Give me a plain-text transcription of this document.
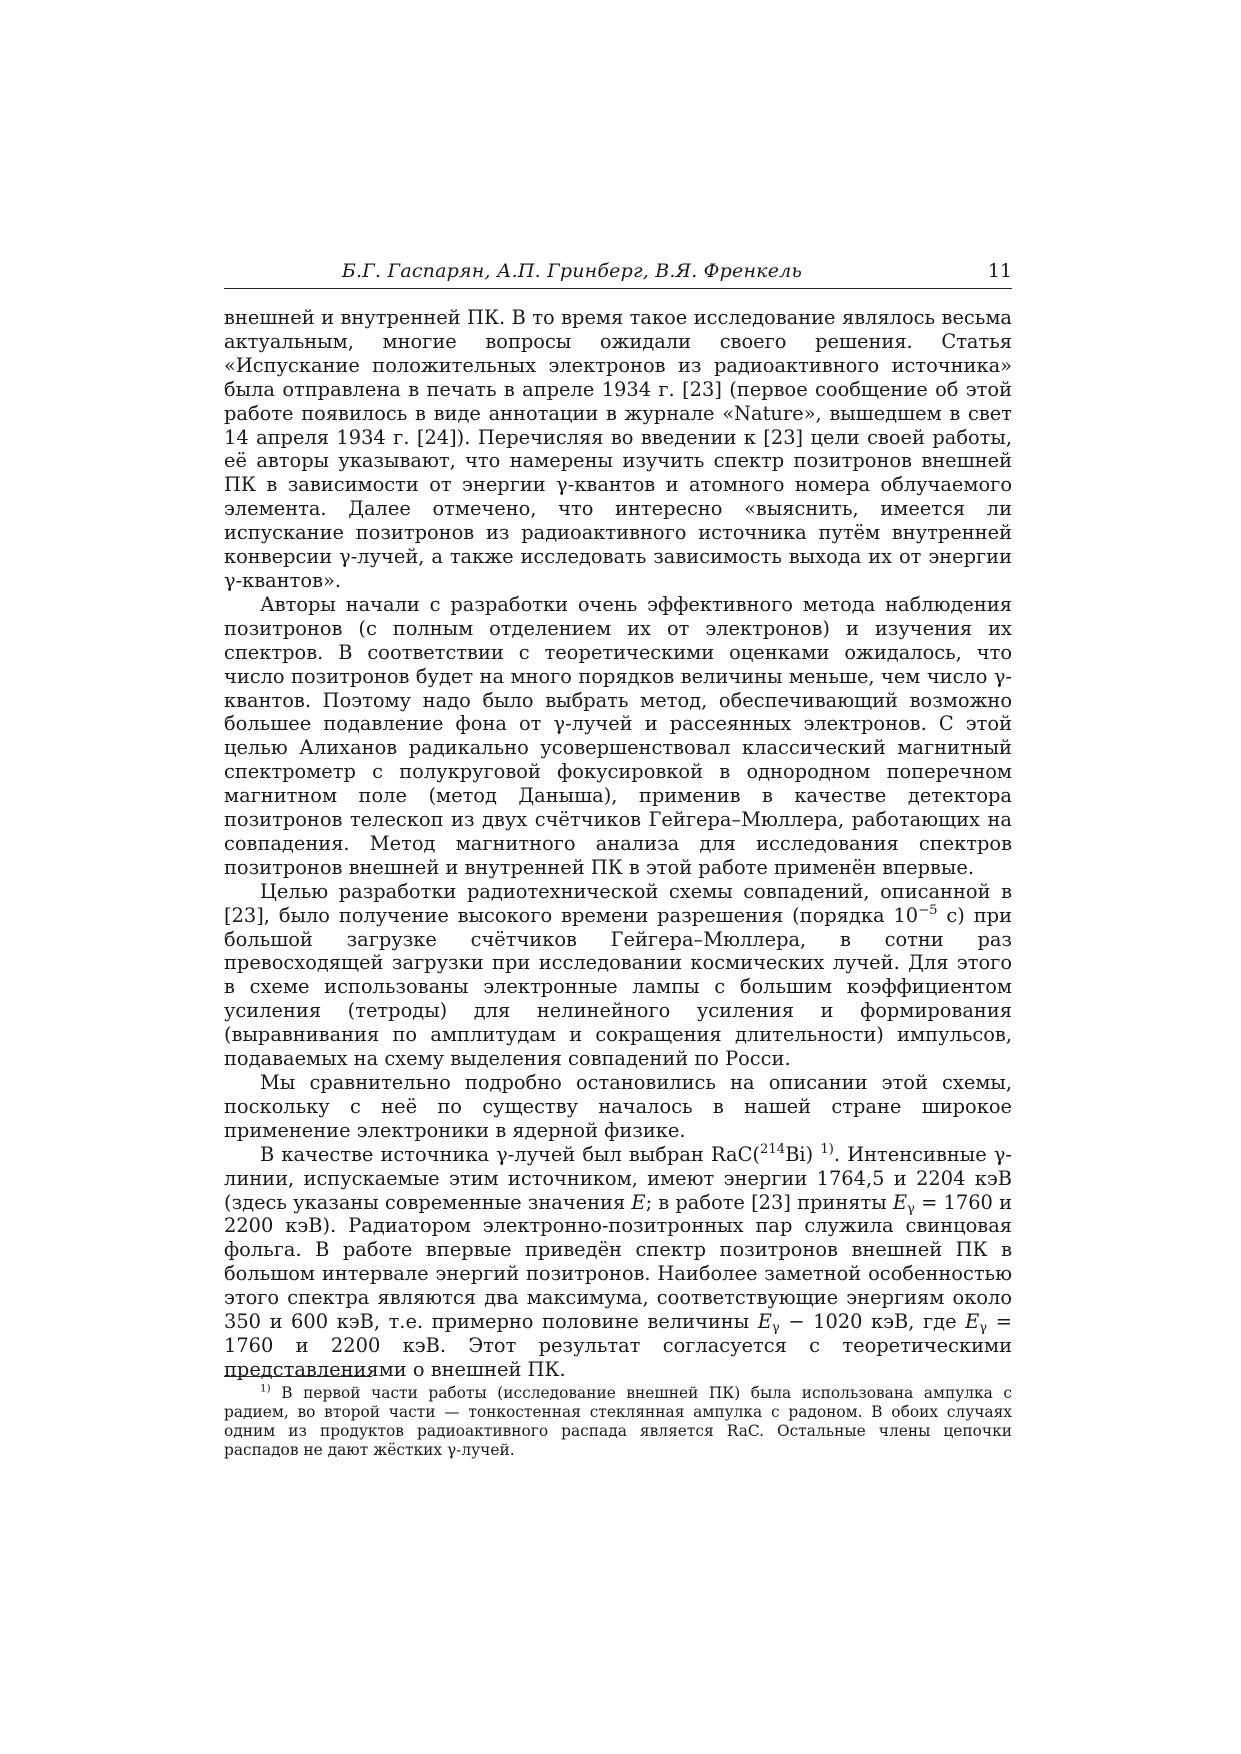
Б.Г. Гаспарян, А.П. Гринберг, В.Я. Френкель	11

внешней и внутренней ПК. В то время такое исследование являлось весьма актуальным, многие вопросы ожидали своего решения. Статья «Испускание положительных электронов из радиоактивного источника» была отправлена в печать в апреле 1934 г. [23] (первое сообщение об этой работе появилось в виде аннотации в журнале «Nature», вышедшем в свет 14 апреля 1934 г. [24]). Перечисляя во введении к [23] цели своей работы, её авторы указывают, что намерены изучить спектр позитронов внешней ПК в зависимости от энергии γ-квантов и атомного номера облучаемого элемента. Далее отмечено, что интересно «выяснить, имеется ли испускание позитронов из радиоактивного источника путём внутренней конверсии γ-лучей, а также исследовать зависимость выхода их от энергии γ-квантов».

Авторы начали с разработки очень эффективного метода наблюдения позитронов (с полным отделением их от электронов) и изучения их спектров. В соответствии с теоретическими оценками ожидалось, что число позитронов будет на много порядков величины меньше, чем число γ-квантов. Поэтому надо было выбрать метод, обеспечивающий возможно большее подавление фона от γ-лучей и рассеянных электронов. С этой целью Алиханов радикально усовершенствовал классический магнитный спектрометр с полукруговой фокусировкой в однородном поперечном магнитном поле (метод Даныша), применив в качестве детектора позитронов телескоп из двух счётчиков Гейгера–Мюллера, работающих на совпадения. Метод магнитного анализа для исследования спектров позитронов внешней и внутренней ПК в этой работе применён впервые.

Целью разработки радиотехнической схемы совпадений, описанной в [23], было получение высокого времени разрешения (порядка $10^{-5}$ с) при большой загрузке счётчиков Гейгера–Мюллера, в сотни раз превосходящей загрузки при исследовании космических лучей. Для этого в схеме использованы электронные лампы с большим коэффициентом усиления (тетроды) для нелинейного усиления и формирования (выравнивания по амплитудам и сокращения длительности) импульсов, подаваемых на схему выделения совпадений по Росси.

Мы сравнительно подробно остановились на описании этой схемы, поскольку с неё по существу началось в нашей стране широкое применение электроники в ядерной физике.

В качестве источника γ-лучей был выбран RaC($^{214}$Bi) $^{1)}$. Интенсивные γ-линии, испускаемые этим источником, имеют энергии 1764,5 и 2204 кэВ (здесь указаны современные значения E; в работе [23] приняты $E_\gamma = 1760$ и 2200 кэВ). Радиатором электронно-позитронных пар служила свинцовая фольга. В работе впервые приведён спектр позитронов внешней ПК в большом интервале энергий позитронов. Наиболее заметной особенностью этого спектра являются два максимума, соответствующие энергиям около 350 и 600 кэВ, т.е. примерно половине величины $E_\gamma - 1020$ кэВ, где $E_\gamma = 1760$ и 2200 кэВ. Этот результат согласуется с теоретическими представлениями о внешней ПК.

$^{1)}$ В первой части работы (исследование внешней ПК) была использована ампулка с радием, во второй части — тонкостенная стеклянная ампулка с радоном. В обоих случаях одним из продуктов радиоактивного распада является RaC. Остальные члены цепочки распадов не дают жёстких γ-лучей.
